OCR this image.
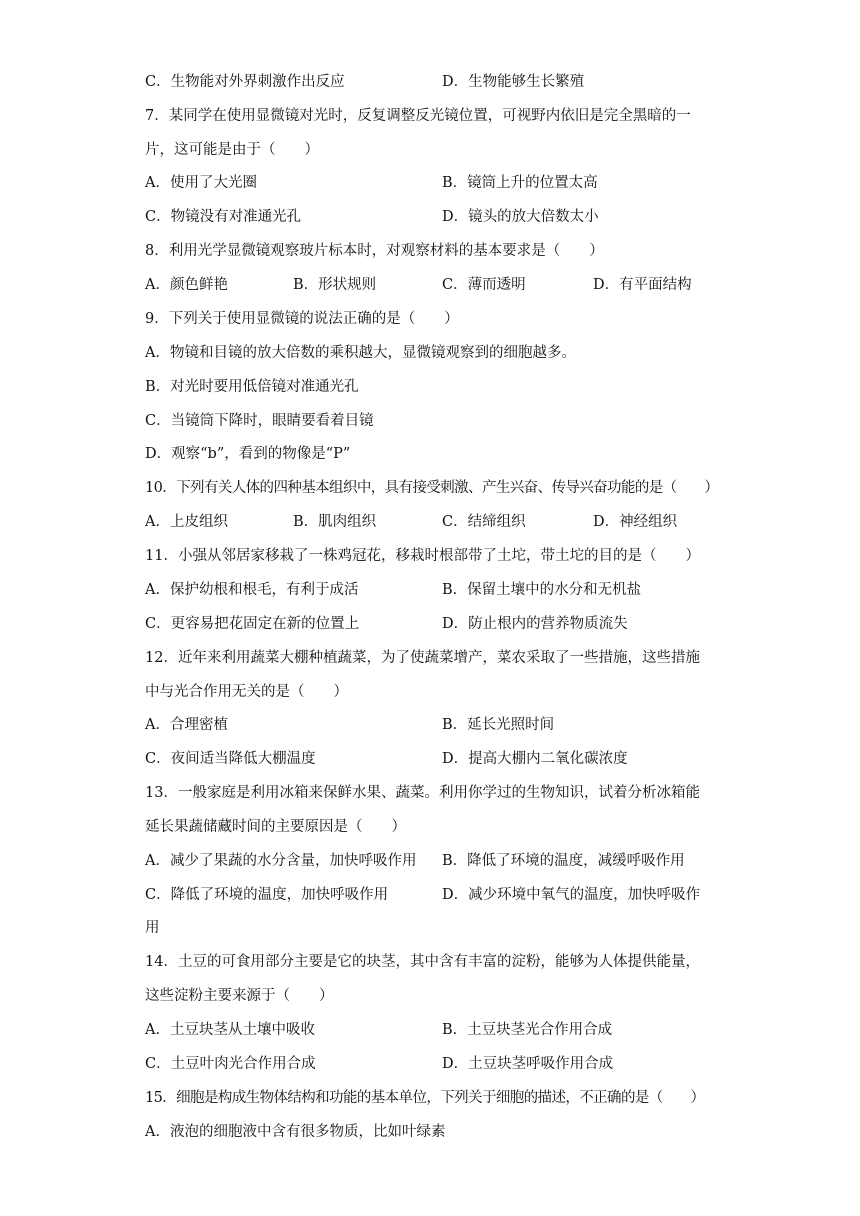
C．生物能对外界刺激作出反应	D．生物能够生长繁殖
7．某同学在使用显微镜对光时，反复调整反光镜位置，可视野内依旧是完全黑暗的一
片，这可能是由于（　　）
A．使用了大光圈	B．镜筒上升的位置太高
C．物镜没有对准通光孔	D．镜头的放大倍数太小
8．利用光学显微镜观察玻片标本时，对观察材料的基本要求是（　　）
A．颜色鲜艳	B．形状规则	C．薄而透明	D．有平面结构
9．下列关于使用显微镜的说法正确的是（　　）
A．物镜和目镜的放大倍数的乘积越大，显微镜观察到的细胞越多。
B．对光时要用低倍镜对准通光孔
C．当镜筒下降时，眼睛要看着目镜
D．观察“b”，看到的物像是“P”
10．下列有关人体的四种基本组织中，具有接受刺激、产生兴奋、传导兴奋功能的是（　　）
A．上皮组织	B．肌肉组织	C．结缔组织	D．神经组织
11．小强从邻居家移栽了一株鸡冠花，移栽时根部带了土坨，带土坨的目的是（　　）
A．保护幼根和根毛，有利于成活	B．保留土壤中的水分和无机盐
C．更容易把花固定在新的位置上	D．防止根内的营养物质流失
12．近年来利用蔬菜大棚种植蔬菜，为了使蔬菜增产，菜农采取了一些措施，这些措施
中与光合作用无关的是（　　）
A．合理密植	B．延长光照时间
C．夜间适当降低大棚温度	D．提高大棚内二氧化碳浓度
13．一般家庭是利用冰箱来保鲜水果、蔬菜。利用你学过的生物知识，试着分析冰箱能
延长果蔬储藏时间的主要原因是（　　）
A．减少了果蔬的水分含量，加快呼吸作用 B．降低了环境的温度，减缓呼吸作用
C．降低了环境的温度，加快呼吸作用	D．减少环境中氧气的温度，加快呼吸作
用
14．土豆的可食用部分主要是它的块茎，其中含有丰富的淀粉，能够为人体提供能量，
这些淀粉主要来源于（　　）
A．土豆块茎从土壤中吸收	B．土豆块茎光合作用合成
C．土豆叶肉光合作用合成	D．土豆块茎呼吸作用合成
15．细胞是构成生物体结构和功能的基本单位，下列关于细胞的描述，不正确的是（　　）
A．液泡的细胞液中含有很多物质，比如叶绿素
